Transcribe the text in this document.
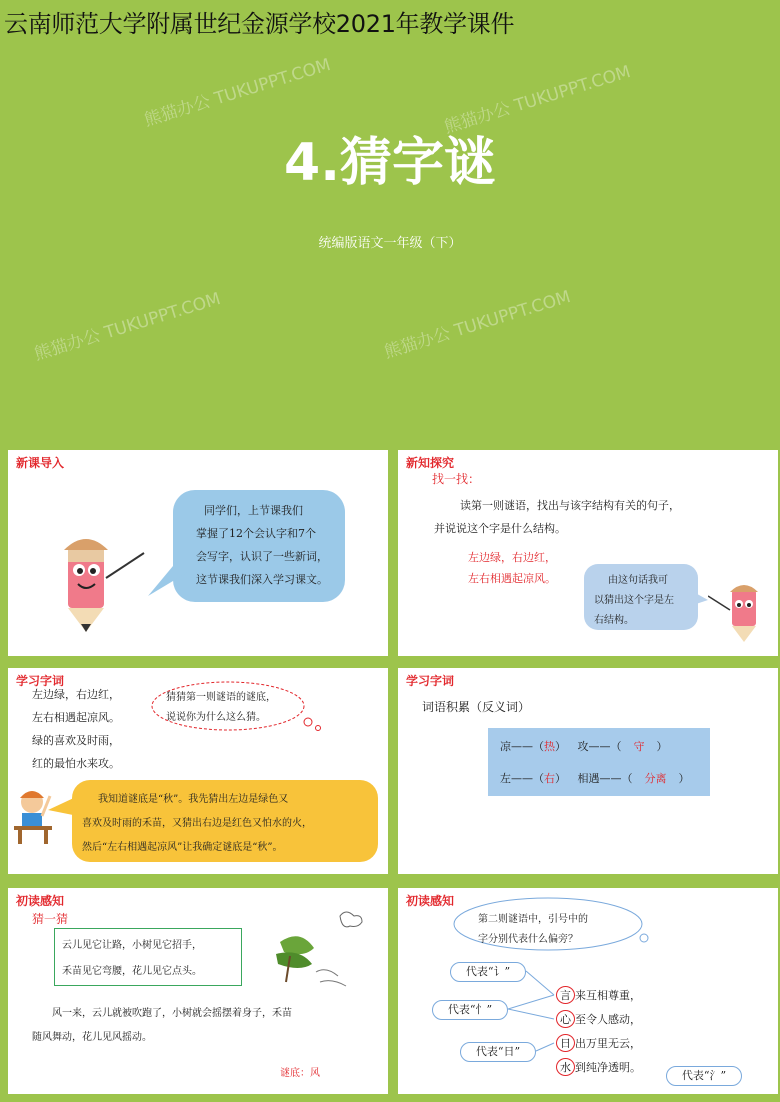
云南师范大学附属世纪金源学校2021年教学课件
熊猫办公 TUKUPPT.COM	熊猫办公 TUKUPPT.COM
4.猜字谜
统编版语文一年级（下）
熊猫办公 TUKUPPT.COM	熊猫办公 TUKUPPT.COM
新课导入
同学们，上节课我们
掌握了12个会认字和7个
会写字，认识了一些新词，
这节课我们深入学习课文。
新知探究
找一找：
读第一则谜语，找出与该字结构有关的句子，
并说说这个字是什么结构。
左边绿，右边红，
左右相遇起凉风。	由这句话我可
以猜出这个字是左
右结构。
学习字词
左边绿，右边红，
左右相遇起凉风。
绿的喜欢及时雨，
红的最怕水来攻。
猜猜第一则谜语的谜底，
说说你为什么这么猜。
我知道谜底是“秋”。我先猜出左边是绿色又
喜欢及时雨的禾苗，又猜出右边是红色又怕水的火，
然后“左右相遇起凉风”让我确定谜底是“秋”。
学习字词
词语积累（反义词）
凉——（热） 攻——（ 守 ）
左——（右） 相遇——（ 分离 ）
初读感知
猜一猜
云儿见它让路，小树见它招手，
禾苗见它弯腰，花儿见它点头。
风一来，云儿就被吹跑了，小树就会摇摆着身子，禾苗
随风舞动，花儿见风摇动。
谜底：风
初读感知
第二则谜语中，引号中的
字分别代表什么偏旁？
代表“讠”
代表“忄”
代表“日”
代表“氵”
言 来互相尊重，
心 至令人感动，
日 出万里无云，
水 到纯净透明。
